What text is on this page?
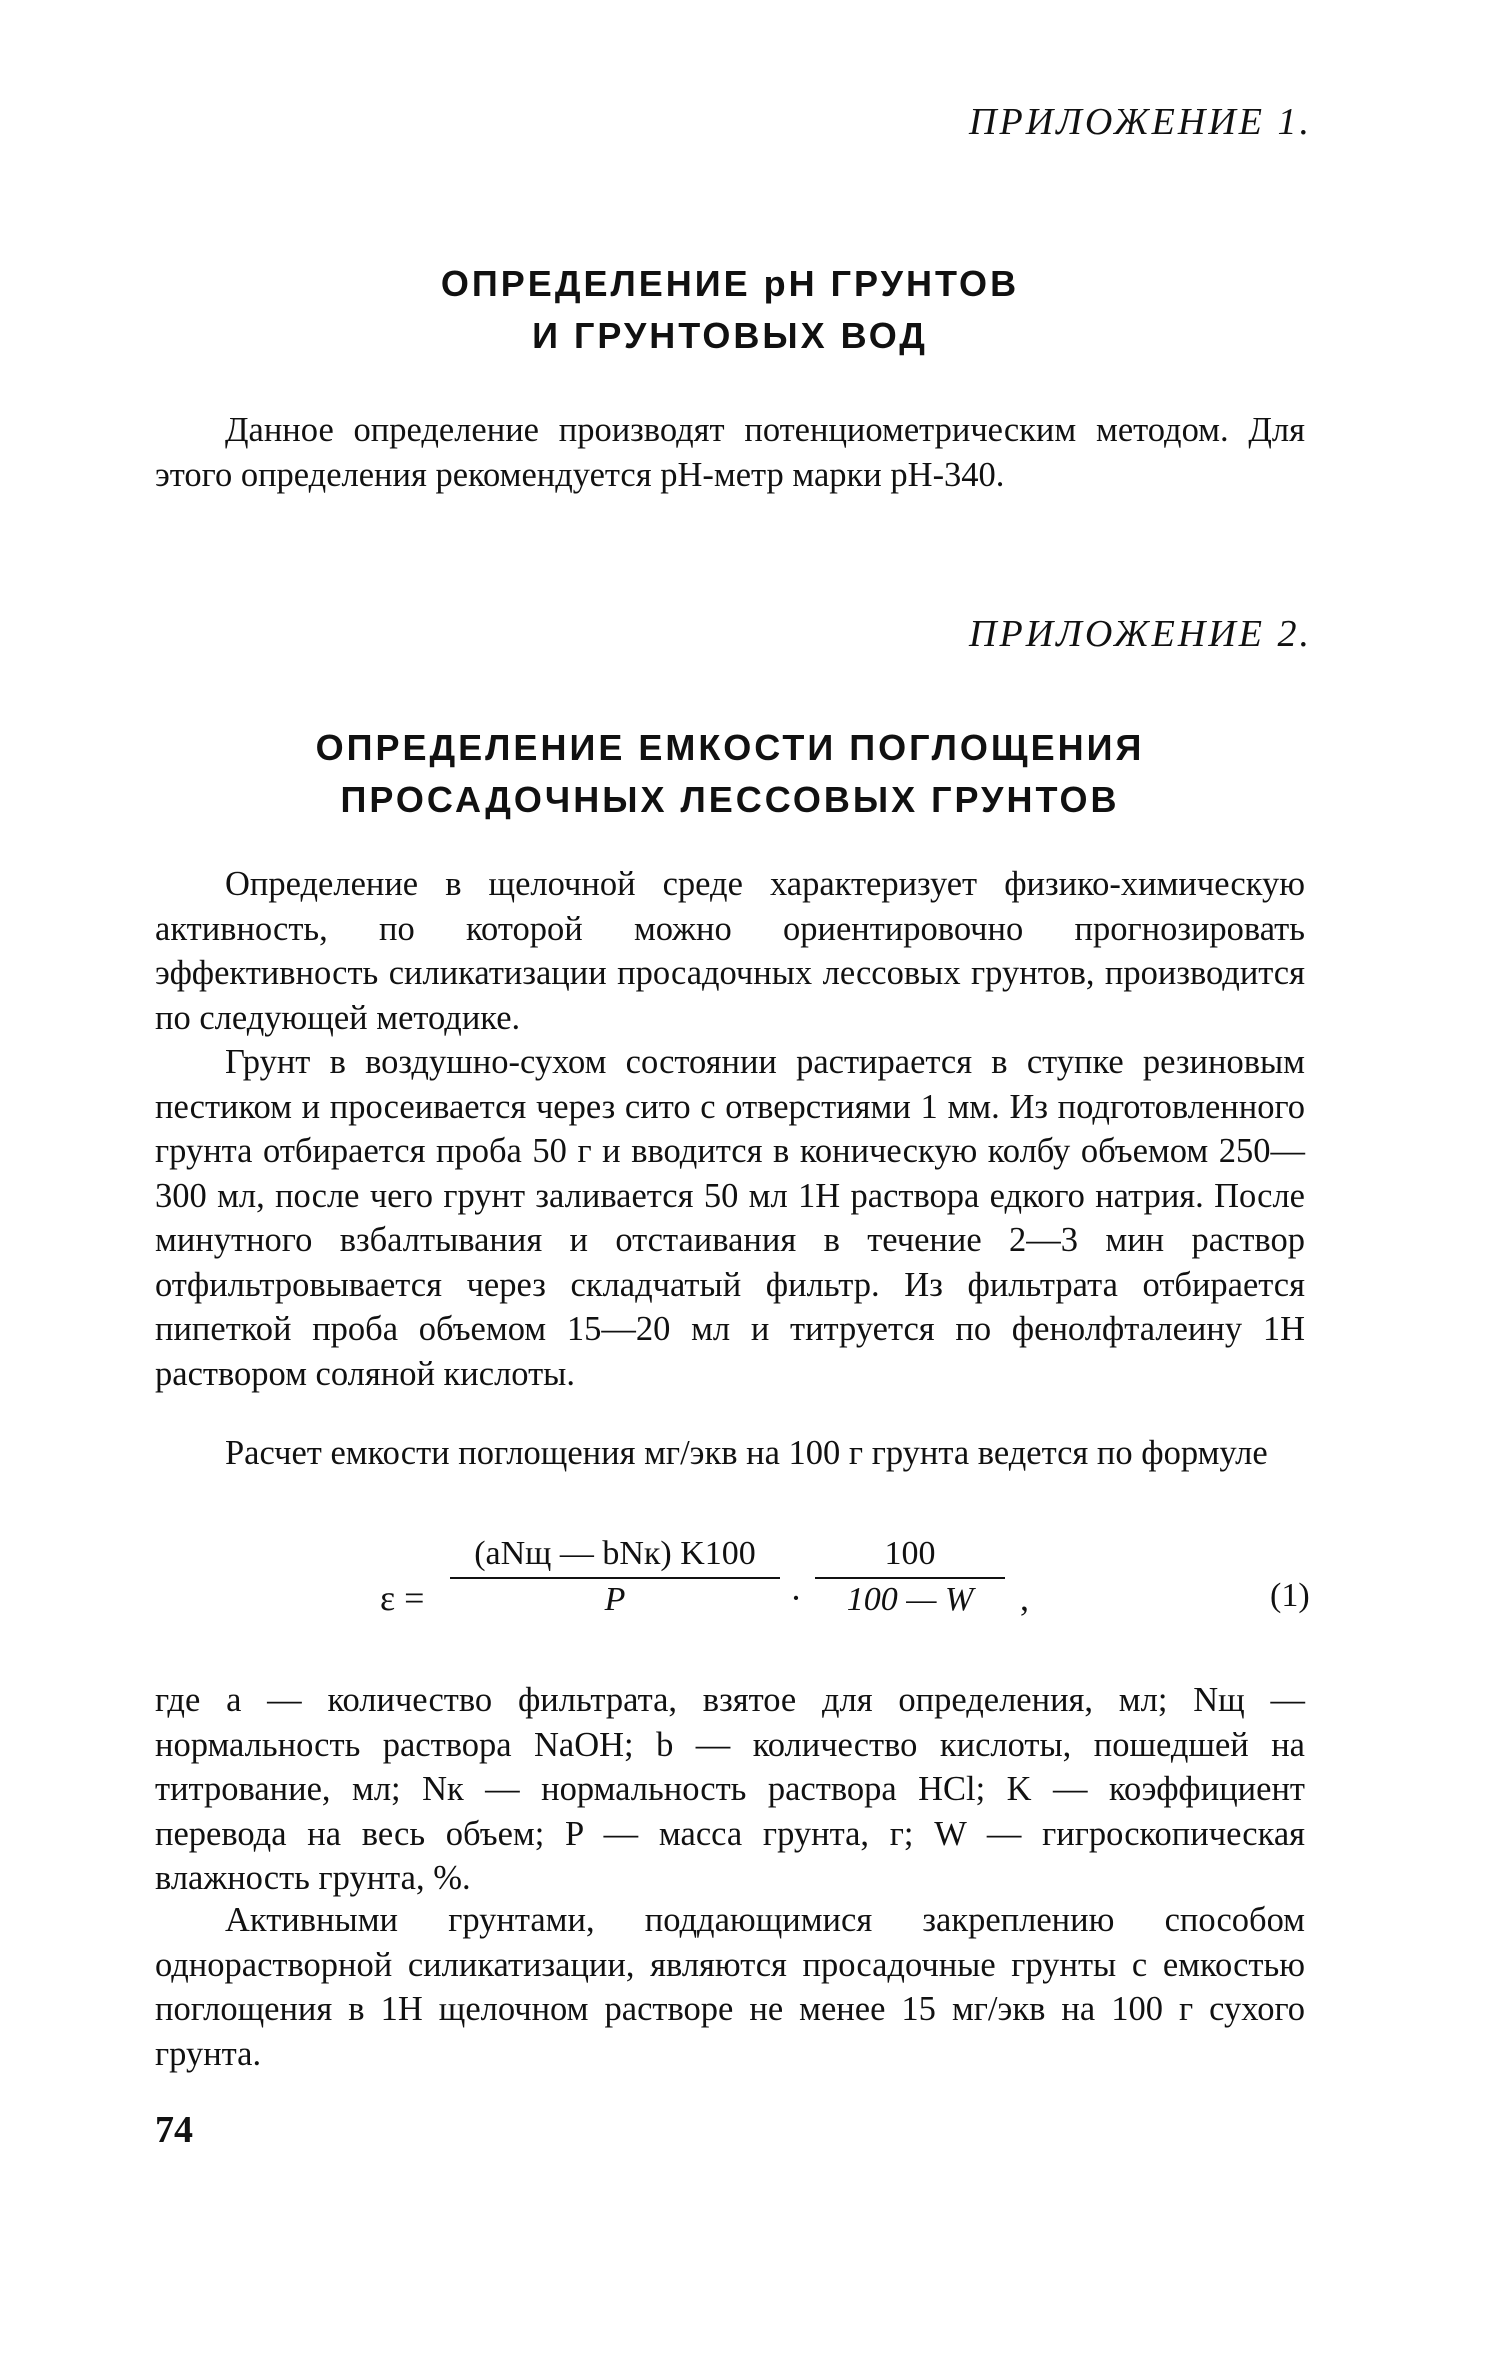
ПРИЛОЖЕНИЕ 1.
ОПРЕДЕЛЕНИЕ рН ГРУНТОВ
И ГРУНТОВЫХ ВОД
Данное определение производят потенциометрическим методом. Для этого определения рекомендуется рН-метр марки рН-340.
ПРИЛОЖЕНИЕ 2.
ОПРЕДЕЛЕНИЕ ЕМКОСТИ ПОГЛОЩЕНИЯ
ПРОСАДОЧНЫХ ЛЕССОВЫХ ГРУНТОВ
Определение в щелочной среде характеризует физико-химическую активность, по которой можно ориентировочно прогнозировать эффективность силикатизации просадочных лессовых грунтов, производится по следующей методике.
Грунт в воздушно-сухом состоянии растирается в ступке резиновым пестиком и просеивается через сито с отверстиями 1 мм. Из подготовленного грунта отбирается проба 50 г и вводится в коническую колбу объемом 250—300 мл, после чего грунт заливается 50 мл 1Н раствора едкого натрия. После минутного взбалтывания и отстаивания в течение 2—3 мин раствор отфильтровывается через складчатый фильтр. Из фильтрата отбирается пипеткой проба объемом 15—20 мл и титруется по фенолфталеину 1Н раствором соляной кислоты.
Расчет емкости поглощения мг/экв на 100 г грунта ведется по формуле
ε =
(aNщ — bNк) K100
P	·
100
100 — W	,	(1)
где a — количество фильтрата, взятое для определения, мл; Nщ — нормальность раствора NaOH; b — количество кислоты, пошедшей на титрование, мл; Nк — нормальность раствора HCl; K — коэффициент перевода на весь объем; P — масса грунта, г; W — гигроскопическая влажность грунта, %.
Активными грунтами, поддающимися закреплению способом однорастворной силикатизации, являются просадочные грунты с емкостью поглощения в 1Н щелочном растворе не менее 15 мг/экв на 100 г сухого грунта.
74
